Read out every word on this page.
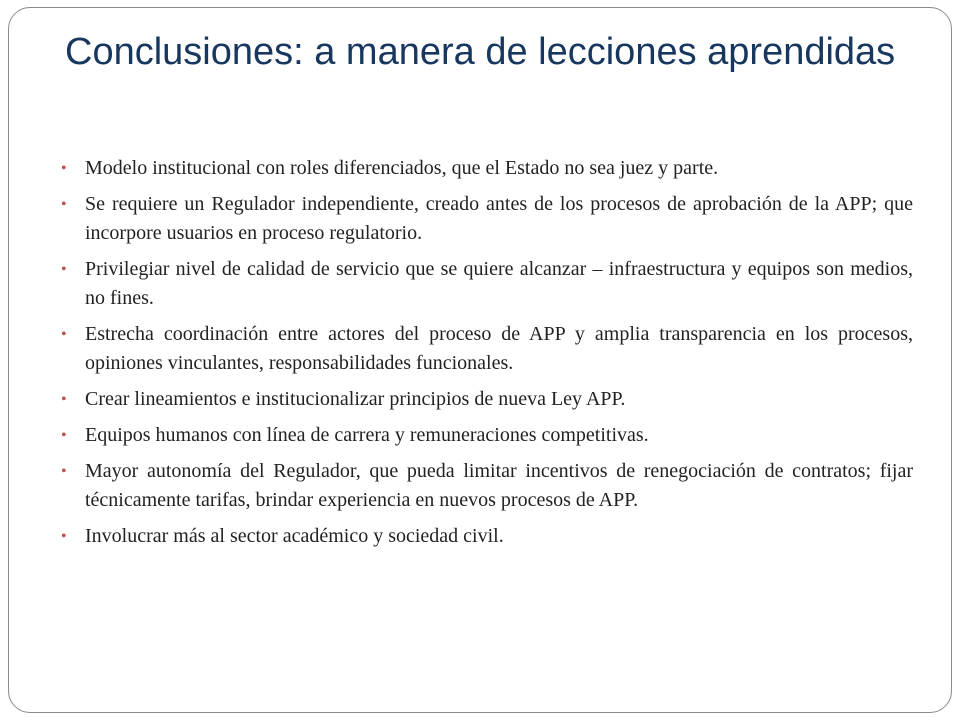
Conclusiones: a manera de lecciones aprendidas
• Modelo institucional con roles diferenciados, que el Estado no sea juez y parte.
• Se requiere un Regulador independiente, creado antes de los procesos de aprobación de la APP; que incorpore usuarios en proceso regulatorio.
• Privilegiar nivel de calidad de servicio que se quiere alcanzar – infraestructura y equipos son medios, no fines.
• Estrecha coordinación entre actores del proceso de APP y amplia transparencia en los procesos, opiniones vinculantes, responsabilidades funcionales.
• Crear lineamientos e institucionalizar principios de nueva Ley APP.
• Equipos humanos con línea de carrera y remuneraciones competitivas.
• Mayor autonomía del Regulador, que pueda limitar incentivos de renegociación de contratos; fijar técnicamente tarifas, brindar experiencia en nuevos procesos de APP.
• Involucrar más al sector académico y sociedad civil.
